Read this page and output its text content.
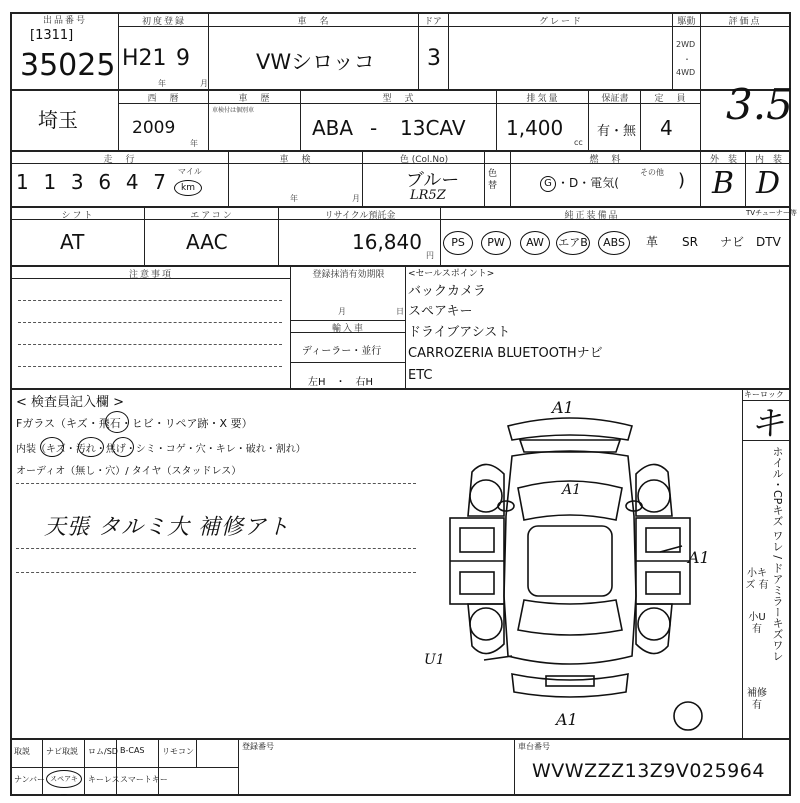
出品番号
[1311]
35025
初度登録
H21 9
年	月
車　名
VWシロッコ
ドア
3
グレード	駆動
2WD
・
4WD
評価点
3.5
埼玉
西　暦
2009
年
車　歴
車検付は個別車
型　式
ABA - 13CAV
排気量
1,400
cc
保証書
有・無
定　員
4
走　行
1 1 3 6 4 7 マイル
km
車　検
年	月
色 (Col.No)
ブルー
LR5Z
色替
燃　料
G ・D・電気(
その他 )
外　装
B
内　装
D
シフト
AT
エアコン
AAC
リサイクル預託金
16,840
円
純正装備品	TVチューナー等
PS	PW	AW	エアB	ABS	革 SR ナビ DTV
注意事項	登録抹消有効期限
月	日
輸入車
ディーラー・並行
左H　・　右H
<セールスポイント>
バックカメラ
スペアキー
ドライブアシスト
CARROZERIA BLUETOOTHナビ
ETC
< 検査員記入欄 >
Fガラス（キズ・飛石・ヒビ・リペア跡・X 要）
内装（キズ・汚れ・焦げ・シミ・コゲ・穴・キレ・破れ・割れ）
オーディオ（無し・穴）/ タイヤ（スタッドレス）
天張 タルミ大 補修アト
A1
A1
A1
A1
U1
キーロック
キ
ホイル・CPキズ ワレ / ドアミラーキズワレ
小キズ 有
小U 有
補修有
取説 ナビ取説 ロム/SD B-CAS リモコン
ナンバー スペアキー
キーレス スマートキー
登録番号	車台番号
WVWZZZ13Z9V025964
